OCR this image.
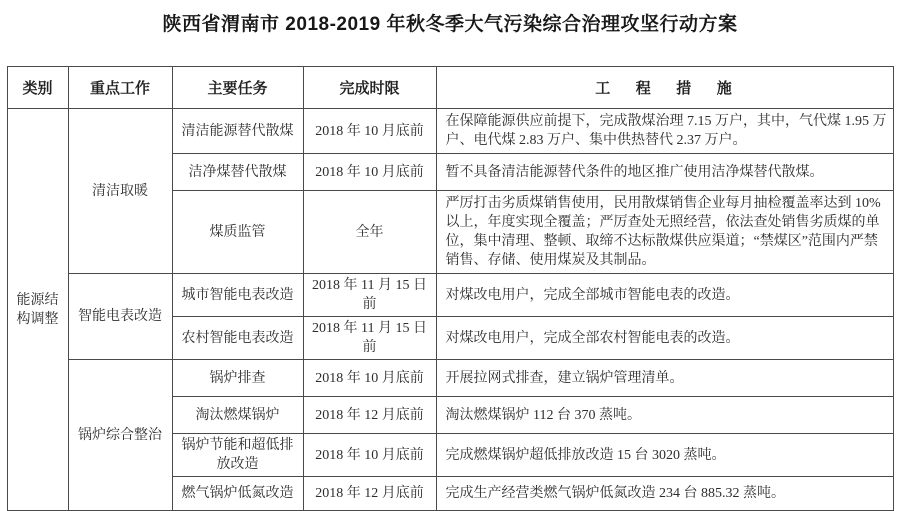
陕西省渭南市 2018-2019 年秋冬季大气污染综合治理攻坚行动方案
类别	重点工作	主要任务	完成时限	工程措施
能源结构调整	清洁取暖	清洁能源替代散煤	2018 年 10 月底前	在保障能源供应前提下，完成散煤治理 7.15 万户，其中，气代煤 1.95 万户、电代煤 2.83 万户、集中供热替代 2.37 万户。
		洁净煤替代散煤	2018 年 10 月底前	暂不具备清洁能源替代条件的地区推广使用洁净煤替代散煤。
		煤质监管	全年	严厉打击劣质煤销售使用，民用散煤销售企业每月抽检覆盖率达到 10%以上，年度实现全覆盖；严厉查处无照经营，依法查处销售劣质煤的单位，集中清理、整顿、取缔不达标散煤供应渠道；“禁煤区”范围内严禁销售、存储、使用煤炭及其制品。
	智能电表改造	城市智能电表改造	2018 年 11 月 15 日前	对煤改电用户，完成全部城市智能电表的改造。
		农村智能电表改造	2018 年 11 月 15 日前	对煤改电用户，完成全部农村智能电表的改造。
	锅炉综合整治	锅炉排查	2018 年 10 月底前	开展拉网式排查，建立锅炉管理清单。
		淘汰燃煤锅炉	2018 年 12 月底前	淘汰燃煤锅炉 112 台 370 蒸吨。
		锅炉节能和超低排放改造	2018 年 10 月底前	完成燃煤锅炉超低排放改造 15 台 3020 蒸吨。
		燃气锅炉低氮改造	2018 年 12 月底前	完成生产经营类燃气锅炉低氮改造 234 台 885.32 蒸吨。
